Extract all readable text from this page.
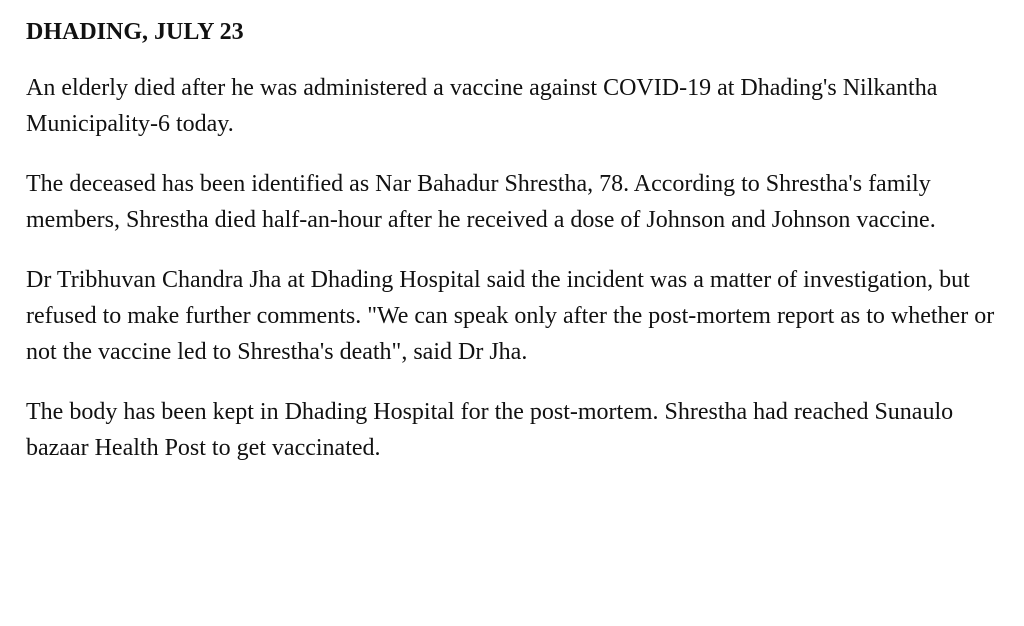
DHADING, JULY 23

An elderly died after he was administered a vaccine against COVID-19 at Dhading's Nilkantha Municipality-6 today.

The deceased has been identified as Nar Bahadur Shrestha, 78. According to Shrestha's family members, Shrestha died half-an-hour after he received a dose of Johnson and Johnson vaccine.

Dr Tribhuvan Chandra Jha at Dhading Hospital said the incident was a matter of investigation, but refused to make further comments. "We can speak only after the post-mortem report as to whether or not the vaccine led to Shrestha's death", said Dr Jha.

The body has been kept in Dhading Hospital for the post-mortem. Shrestha had reached Sunaulo bazaar Health Post to get vaccinated.
